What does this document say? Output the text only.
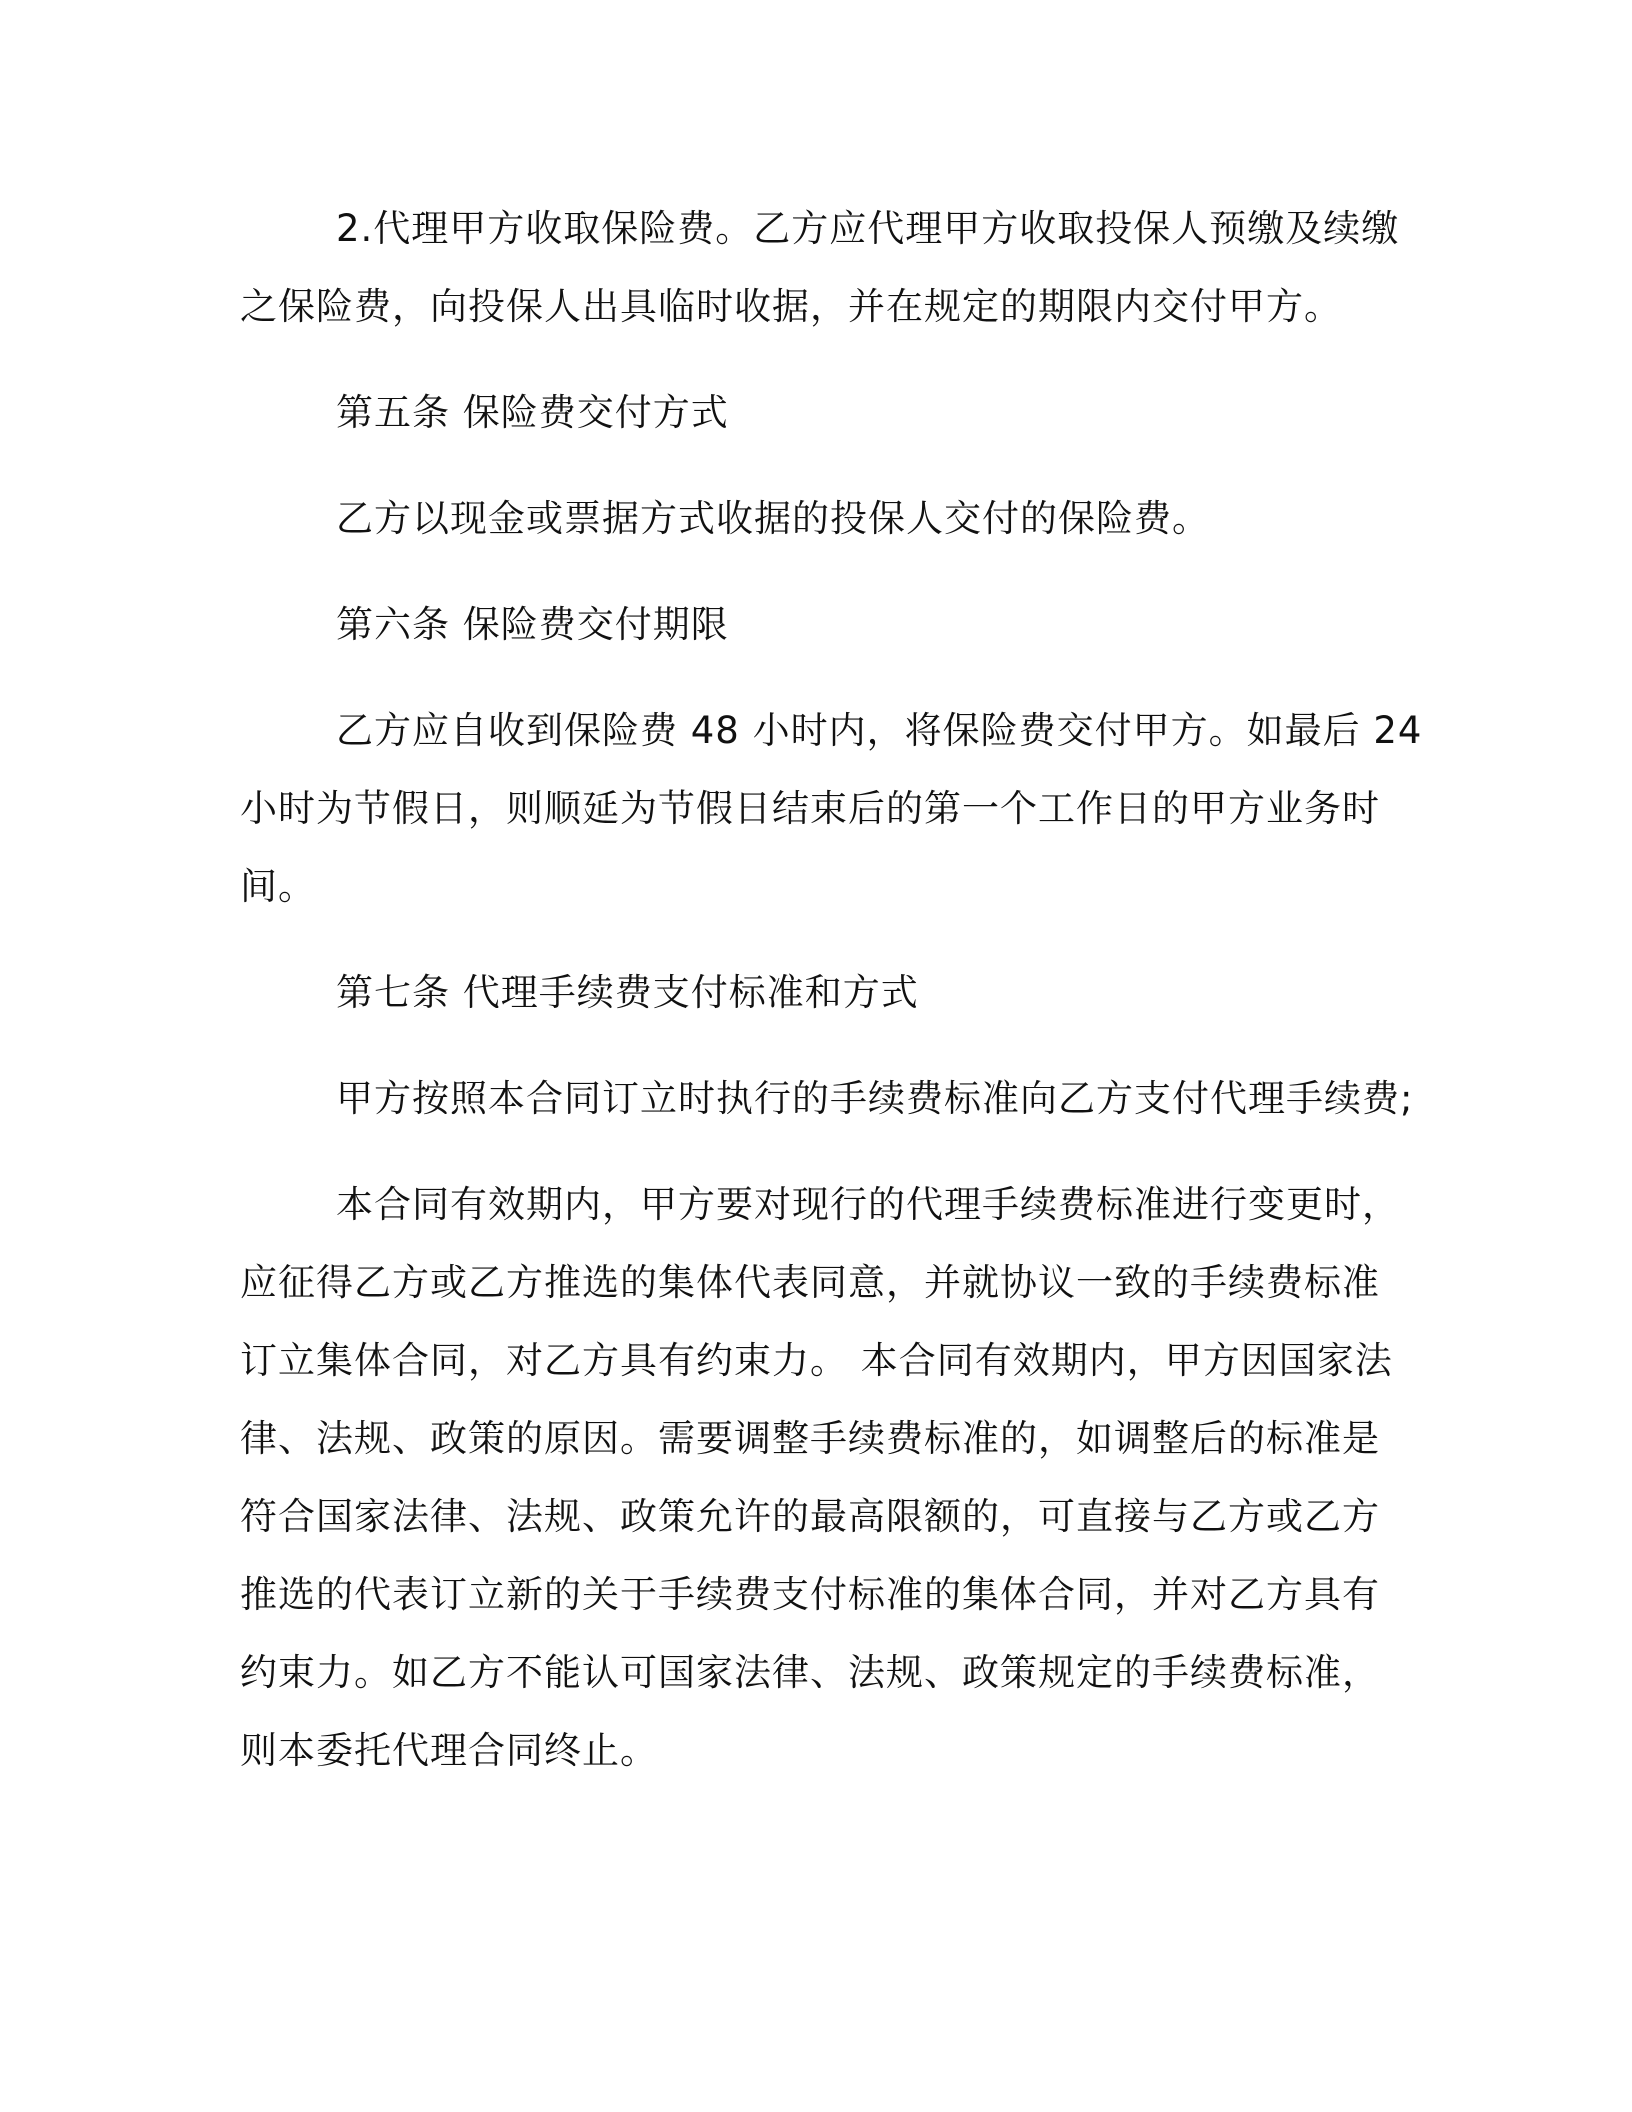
2.代理甲方收取保险费。乙方应代理甲方收取投保人预缴及续缴
之保险费，向投保人出具临时收据，并在规定的期限内交付甲方。

第五条 保险费交付方式

乙方以现金或票据方式收据的投保人交付的保险费。

第六条 保险费交付期限

乙方应自收到保险费 48 小时内，将保险费交付甲方。如最后 24
小时为节假日，则顺延为节假日结束后的第一个工作日的甲方业务时
间。

第七条 代理手续费支付标准和方式

甲方按照本合同订立时执行的手续费标准向乙方支付代理手续费;

本合同有效期内，甲方要对现行的代理手续费标准进行变更时，
应征得乙方或乙方推选的集体代表同意，并就协议一致的手续费标准
订立集体合同，对乙方具有约束力。 本合同有效期内，甲方因国家法
律、法规、政策的原因。需要调整手续费标准的，如调整后的标准是
符合国家法律、法规、政策允许的最高限额的，可直接与乙方或乙方
推选的代表订立新的关于手续费支付标准的集体合同，并对乙方具有
约束力。如乙方不能认可国家法律、法规、政策规定的手续费标准，
则本委托代理合同终止。
